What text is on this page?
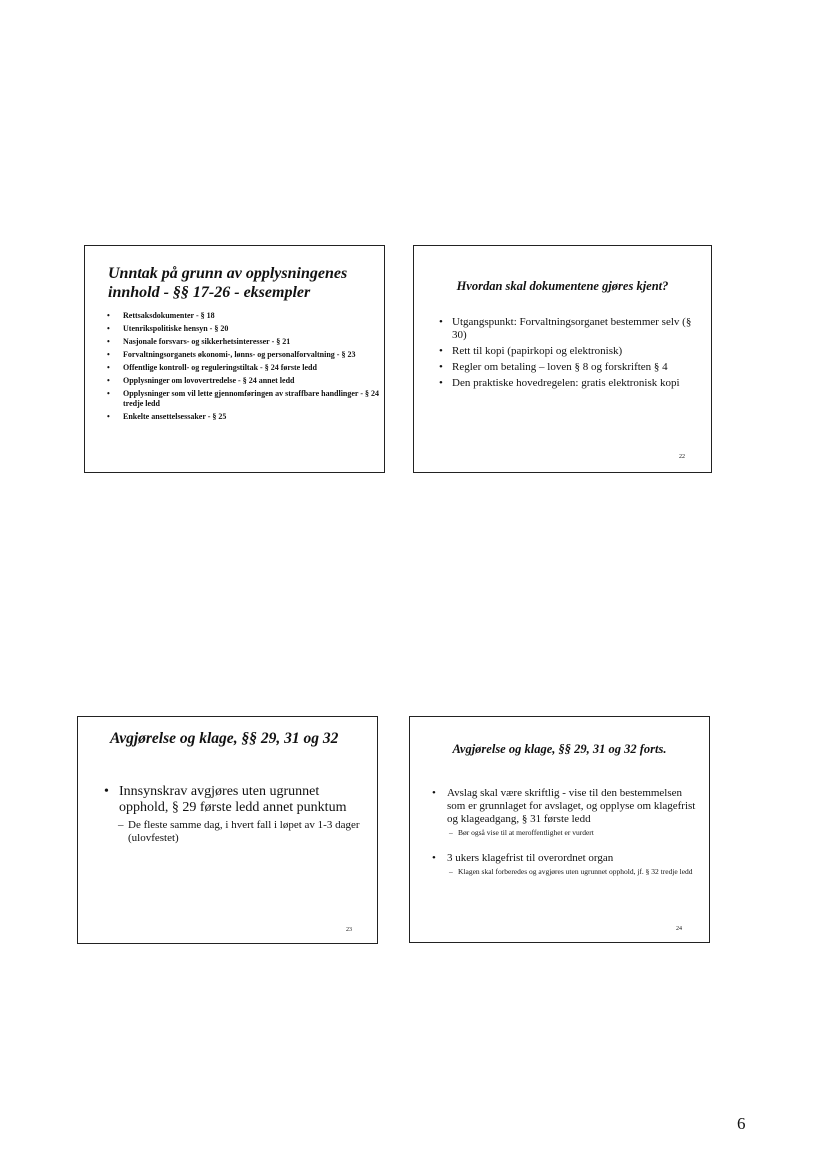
Unntak på grunn av opplysningenes
innhold - §§ 17-26 - eksempler
• Rettsaksdokumenter - § 18
• Utenrikspolitiske hensyn - § 20
• Nasjonale forsvars- og sikkerhetsinteresser - § 21
• Forvaltningsorganets økonomi-, lønns- og personalforvaltning - § 23
• Offentlige kontroll- og reguleringstiltak - § 24 første ledd
• Opplysninger om lovovertredelse - § 24 annet ledd
• Opplysninger som vil lette gjennomføringen av straffbare handlinger - § 24 tredje ledd
• Enkelte ansettelsessaker - § 25
Hvordan skal dokumentene gjøres kjent?
• Utgangspunkt: Forvaltningsorganet bestemmer selv (§ 30)
• Rett til kopi (papirkopi og elektronisk)
• Regler om betaling – loven § 8 og forskriften § 4
• Den praktiske hovedregelen: gratis elektronisk kopi
22
Avgjørelse og klage, §§ 29, 31 og 32
• Innsynskrav avgjøres uten ugrunnet opphold, § 29 første ledd annet punktum
– De fleste samme dag, i hvert fall i løpet av 1-3 dager (ulovfestet)
23
Avgjørelse og klage, §§ 29, 31 og 32 forts.
• Avslag skal være skriftlig - vise til den bestemmelsen som er grunnlaget for avslaget, og opplyse om klagefrist og klageadgang, § 31 første ledd
– Bør også vise til at meroffentlighet er vurdert
• 3 ukers klagefrist til overordnet organ
– Klagen skal forberedes og avgjøres uten ugrunnet opphold, jf. § 32 tredje ledd
24
6
